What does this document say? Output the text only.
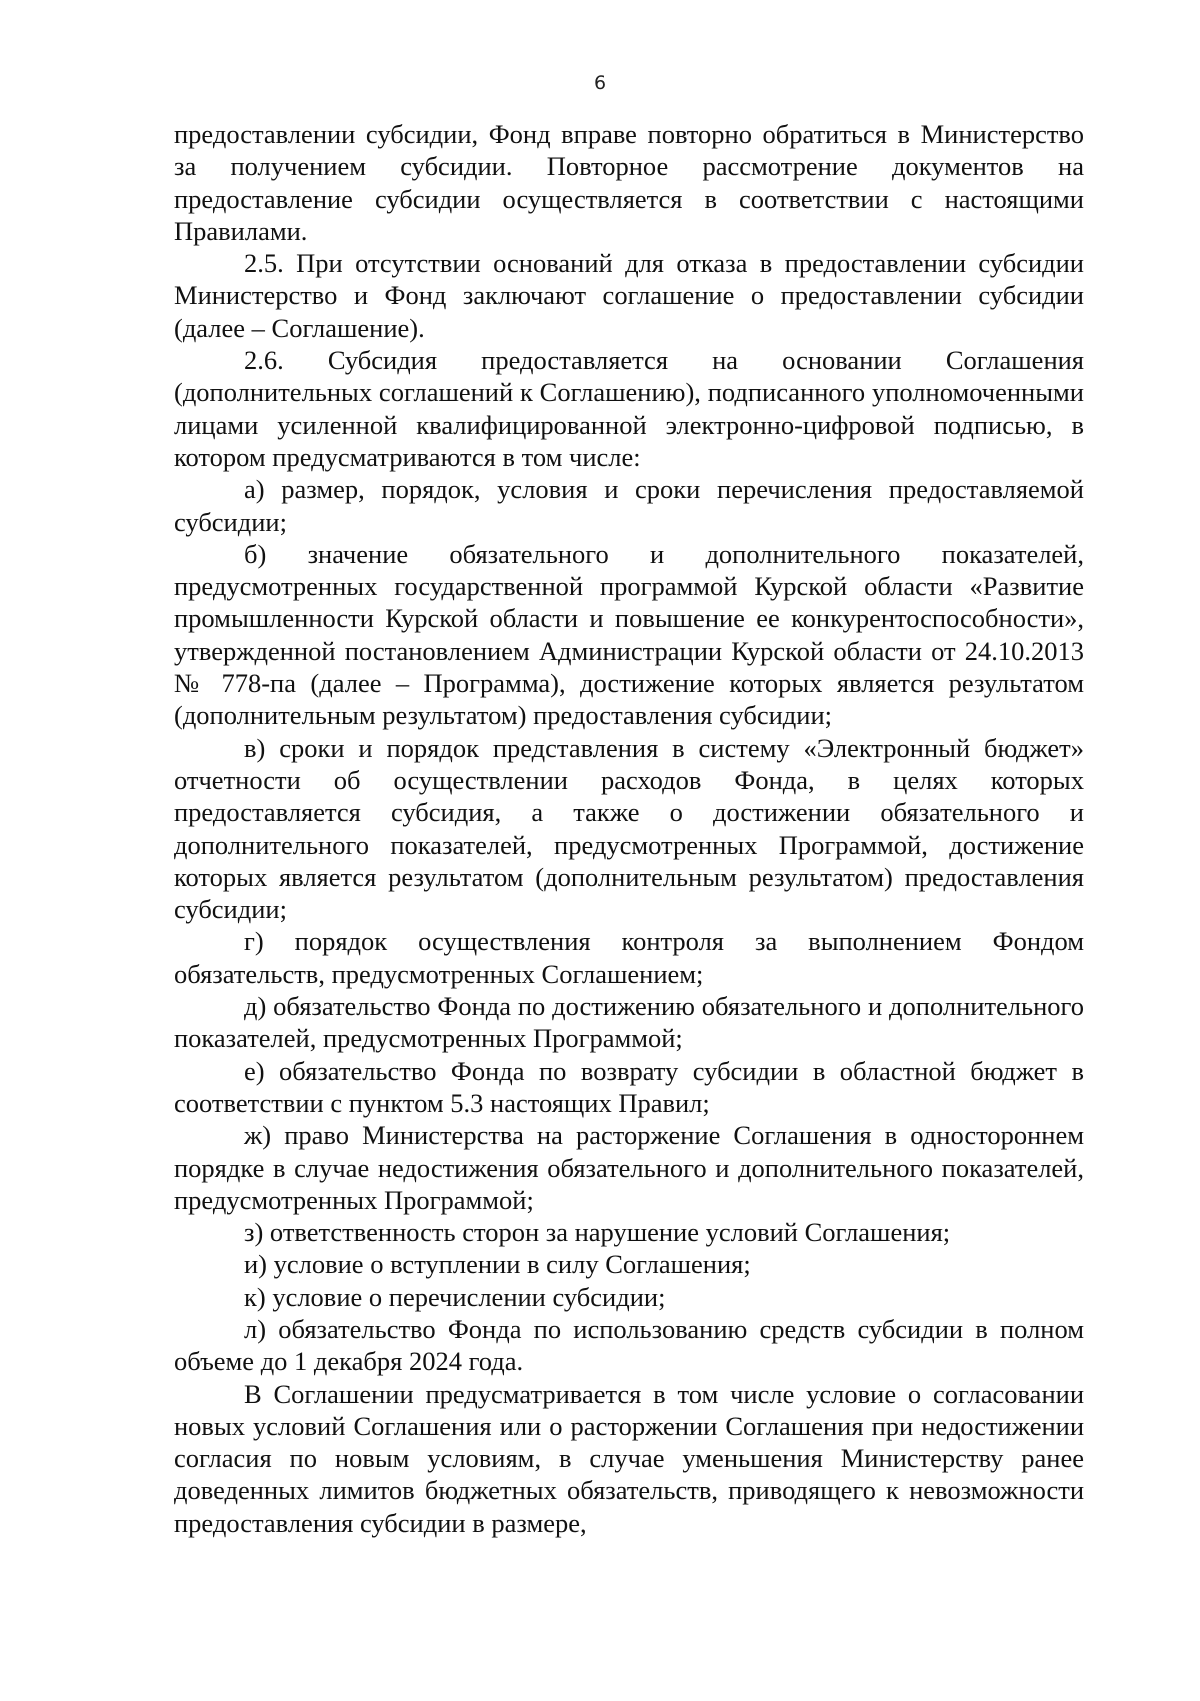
6

предоставлении субсидии, Фонд вправе повторно обратиться в Министерство за получением субсидии. Повторное рассмотрение документов на предоставление субсидии осуществляется в соответствии с настоящими Правилами.

2.5. При отсутствии оснований для отказа в предоставлении субсидии Министерство и Фонд заключают соглашение о предоставлении субсидии (далее – Соглашение).

2.6. Субсидия предоставляется на основании Соглашения (дополнительных соглашений к Соглашению), подписанного уполномоченными лицами усиленной квалифицированной электронно-цифровой подписью, в котором предусматриваются в том числе:

а) размер, порядок, условия и сроки перечисления предоставляемой субсидии;

б) значение обязательного и дополнительного показателей, предусмотренных государственной программой Курской области «Развитие промышленности Курской области и повышение ее конкурентоспособности», утвержденной постановлением Администрации Курской области от 24.10.2013 № 778-па (далее – Программа), достижение которых является результатом (дополнительным результатом) предоставления субсидии;

в) сроки и порядок представления в систему «Электронный бюджет» отчетности об осуществлении расходов Фонда, в целях которых предоставляется субсидия, а также о достижении обязательного и дополнительного показателей, предусмотренных Программой, достижение которых является результатом (дополнительным результатом) предоставления субсидии;

г) порядок осуществления контроля за выполнением Фондом обязательств, предусмотренных Соглашением;

д) обязательство Фонда по достижению обязательного и дополнительного показателей, предусмотренных Программой;

е) обязательство Фонда по возврату субсидии в областной бюджет в соответствии с пунктом 5.3 настоящих Правил;

ж) право Министерства на расторжение Соглашения в одностороннем порядке в случае недостижения обязательного и дополнительного показателей, предусмотренных Программой;

з) ответственность сторон за нарушение условий Соглашения;

и) условие о вступлении в силу Соглашения;

к) условие о перечислении субсидии;

л) обязательство Фонда по использованию средств субсидии в полном объеме до 1 декабря 2024 года.

В Соглашении предусматривается в том числе условие о согласовании новых условий Соглашения или о расторжении Соглашения при недостижении согласия по новым условиям, в случае уменьшения Министерству ранее доведенных лимитов бюджетных обязательств, приводящего к невозможности предоставления субсидии в размере,
